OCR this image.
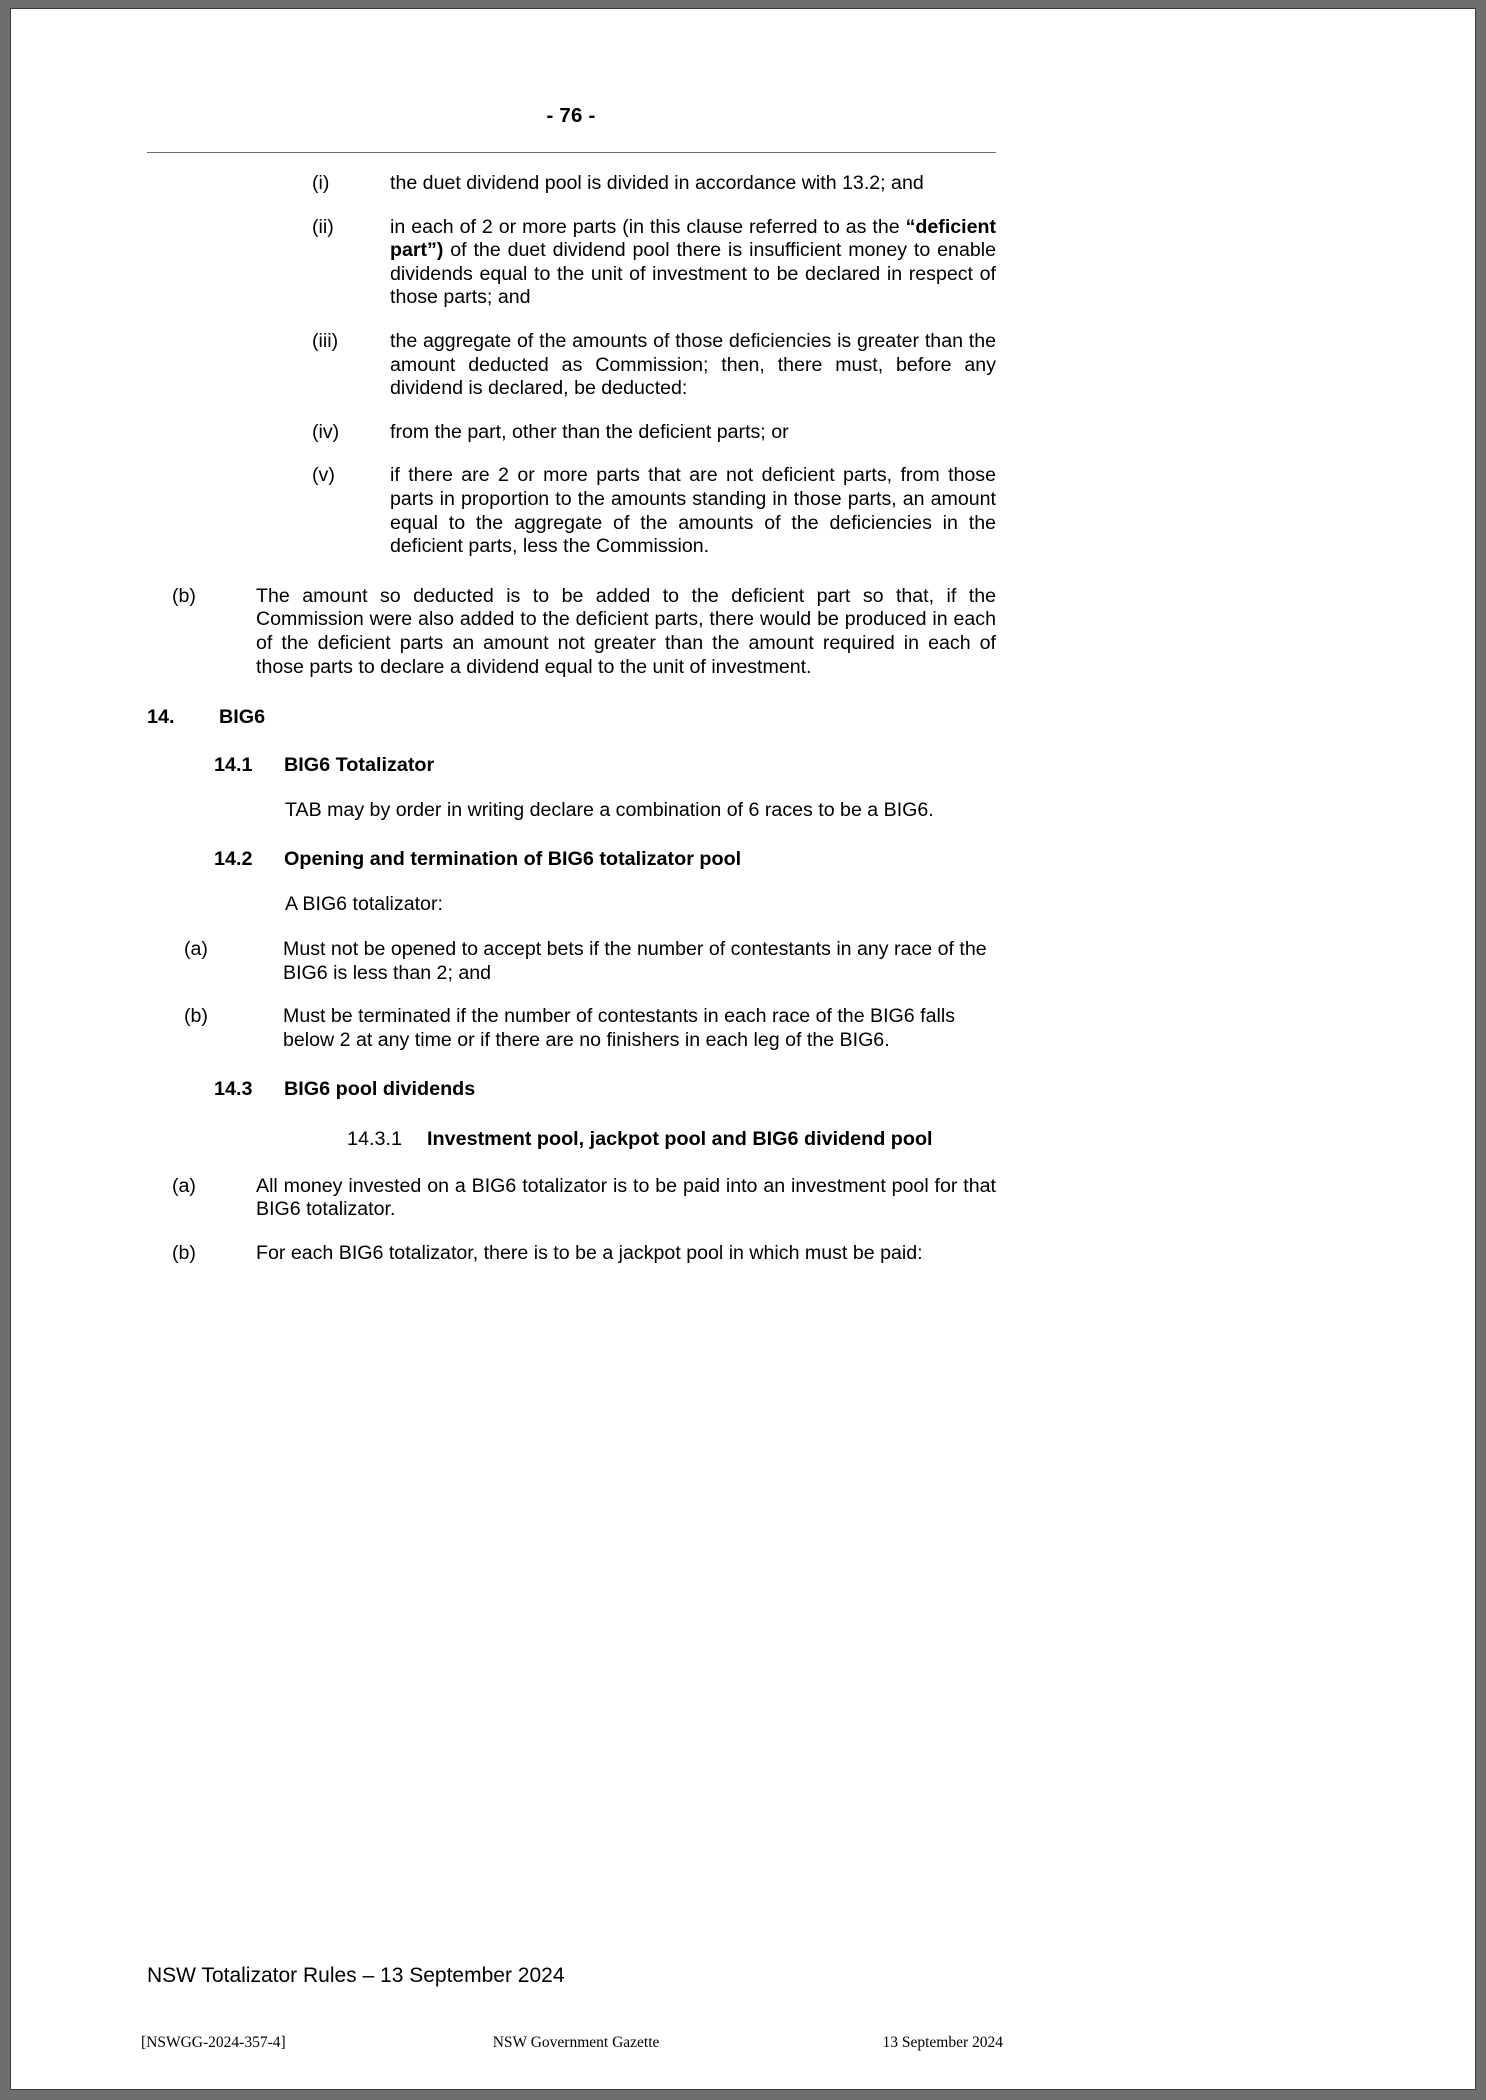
- 76 -
(i)	the duet dividend pool is divided in accordance with 13.2; and
(ii)	in each of 2 or more parts (in this clause referred to as the “deficient part”) of the duet dividend pool there is insufficient money to enable dividends equal to the unit of investment to be declared in respect of those parts; and
(iii)	the aggregate of the amounts of those deficiencies is greater than the amount deducted as Commission; then, there must, before any dividend is declared, be deducted:
(iv)	from the part, other than the deficient parts; or
(v)	if there are 2 or more parts that are not deficient parts, from those parts in proportion to the amounts standing in those parts, an amount equal to the aggregate of the amounts of the deficiencies in the deficient parts, less the Commission.
(b)	The amount so deducted is to be added to the deficient part so that, if the Commission were also added to the deficient parts, there would be produced in each of the deficient parts an amount not greater than the amount required in each of those parts to declare a dividend equal to the unit of investment.
14.	BIG6
14.1	BIG6 Totalizator
TAB may by order in writing declare a combination of 6 races to be a BIG6.
14.2	Opening and termination of BIG6 totalizator pool
A BIG6 totalizator:
(a)	Must not be opened to accept bets if the number of contestants in any race of the BIG6 is less than 2; and
(b)	Must be terminated if the number of contestants in each race of the BIG6 falls below 2 at any time or if there are no finishers in each leg of the BIG6.
14.3	BIG6 pool dividends
14.3.1	Investment pool, jackpot pool and BIG6 dividend pool
(a)	All money invested on a BIG6 totalizator is to be paid into an investment pool for that BIG6 totalizator.
(b)	For each BIG6 totalizator, there is to be a jackpot pool in which must be paid:
NSW Totalizator Rules – 13 September 2024
[NSWGG-2024-357-4]	NSW Government Gazette	13 September 2024
